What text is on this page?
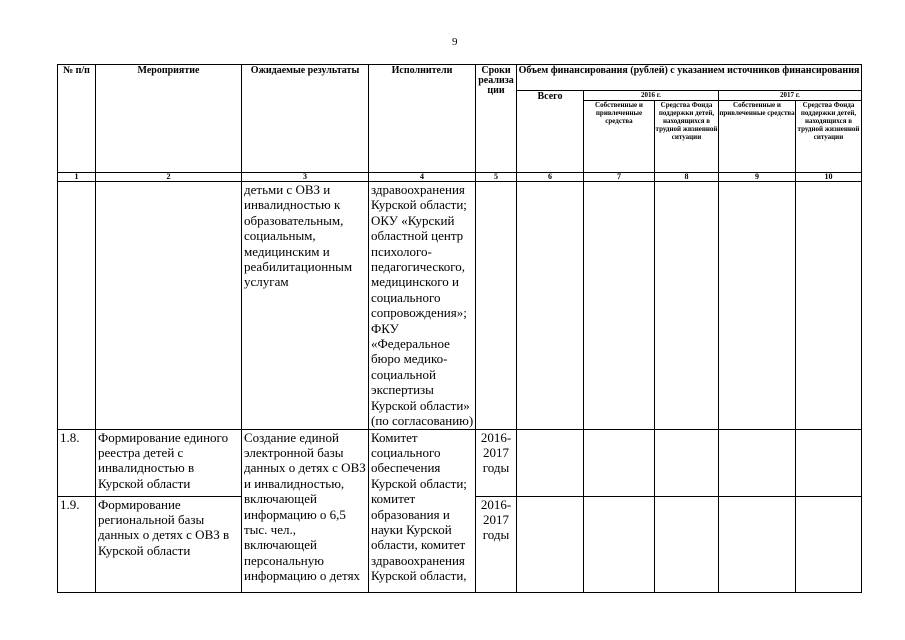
9
№ п/п	Мероприятие	Ожидаемые результаты	Исполнители	Сроки реализа ции	Объем финансирования (рублей) с указанием источников финансирования				
					Всего	2016 г.		2017 г.	
						Собственные и привлеченные средства	Средства Фонда поддержки детей, находящихся в трудной жизненной ситуации	Собственные и привлеченные средства	Средства Фонда поддержки детей, находящихся в трудной жизненной ситуации
1	2	3	4	5	6	7	8	9	10
		детьми с ОВЗ и инвалидностью к образовательным, социальным, медицинским и реабилитационным услугам	здравоохранения Курской области; ОКУ «Курский областной центр психолого-педагогического, медицинского и социального сопровождения»; ФКУ «Федеральное бюро медико-социальной экспертизы Курской области» (по согласованию)						
1.8.	Формирование единого реестра детей с инвалидностью в Курской области	Создание единой электронной базы данных о детях с ОВЗ и инвалидностью, включающей информацию о 6,5 тыс. чел., включающей персональную информацию о детях	Комитет социального обеспечения Курской области; комитет образования и науки Курской области, комитет здравоохранения Курской области,	2016-2017 годы					
1.9.	Формирование региональной базы данных о детях с ОВЗ в Курской области			2016-2017 годы					
